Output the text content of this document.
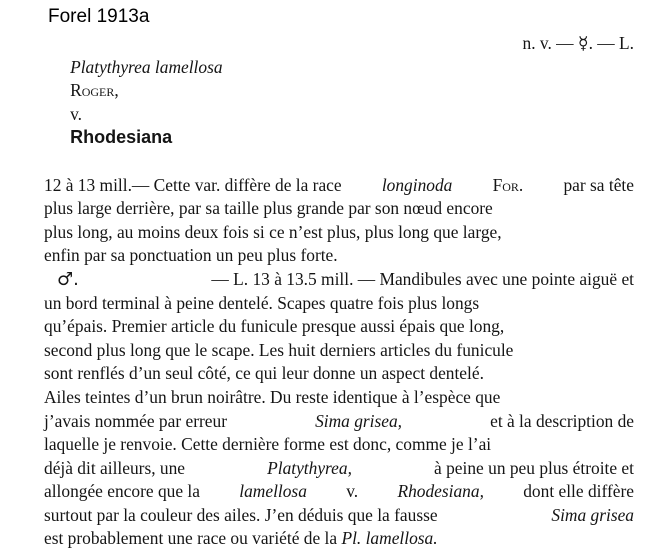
Forel 1913a

Platythyrea lamellosa
Roger,
v.
Rhodesiana

n. v. — ☿. — L.
12 à 13 mill.— Cette var. diffère de la race longinoda For. par sa tête
plus large derrière, par sa taille plus grande par son nœud encore
plus long, au moins deux fois si ce n’est plus, plus long que large,
enfin par sa ponctuation un peu plus forte.
♂.	— L. 13 à 13.5 mill. — Mandibules avec une pointe aiguë et
un bord terminal à peine dentelé. Scapes quatre fois plus longs
qu’épais. Premier article du funicule presque aussi épais que long,
second plus long que le scape. Les huit derniers articles du funicule
sont renflés d’un seul côté, ce qui leur donne un aspect dentelé.
Ailes teintes d’un brun noirâtre. Du reste identique à l’espèce que
j’avais nommée par erreur	Sima grisea,	et à la description de
laquelle je renvoie. Cette dernière forme est donc, comme je l’ai
déjà dit ailleurs, une	Platythyrea,	à peine un peu plus étroite et
allongée encore que la lamellosa v. Rhodesiana, dont elle diffère
surtout par la couleur des ailes. J’en déduis que la fausse	Sima grisea
est probablement une race ou variété de la Pl. lamellosa.
